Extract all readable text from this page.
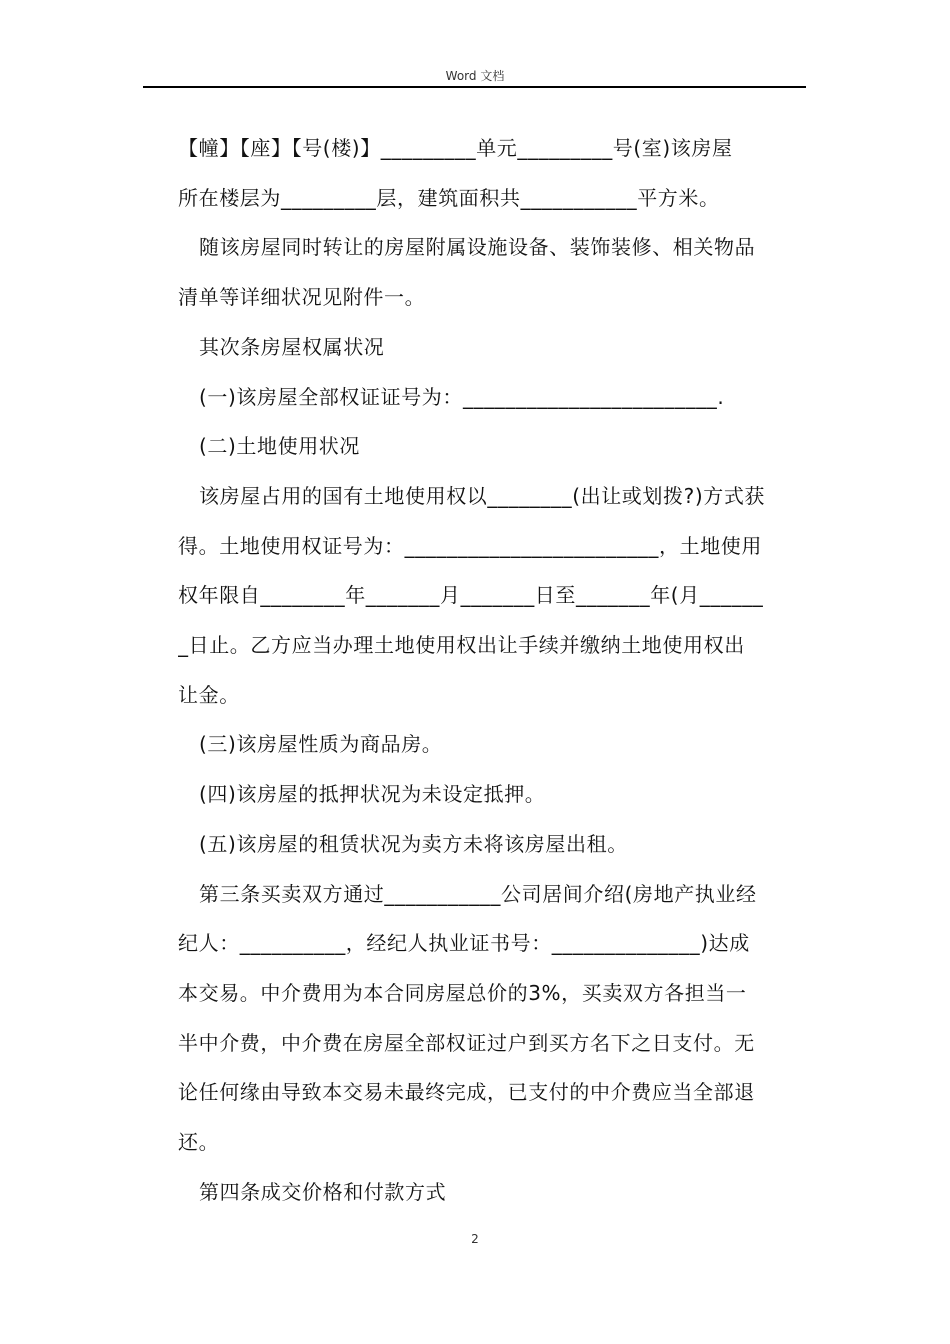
Word 文档

【幢】【座】【号(楼)】_________单元_________号(室)该房屋

所在楼层为_________层，建筑面积共___________平方米。

随该房屋同时转让的房屋附属设施设备、装饰装修、相关物品

清单等详细状况见附件一。

其次条房屋权属状况

(一)该房屋全部权证证号为：________________________.

(二)土地使用状况

该房屋占用的国有土地使用权以________(出让或划拨?)方式获

得。土地使用权证号为：________________________，土地使用

权年限自________年_______月_______日至_______年(月______

_日止。乙方应当办理土地使用权出让手续并缴纳土地使用权出

让金。

(三)该房屋性质为商品房。

(四)该房屋的抵押状况为未设定抵押。

(五)该房屋的租赁状况为卖方未将该房屋出租。

第三条买卖双方通过___________公司居间介绍(房地产执业经

纪人：__________，经纪人执业证书号：______________)达成

本交易。中介费用为本合同房屋总价的3%，买卖双方各担当一

半中介费，中介费在房屋全部权证过户到买方名下之日支付。无

论任何缘由导致本交易未最终完成，已支付的中介费应当全部退

还。

第四条成交价格和付款方式

2
